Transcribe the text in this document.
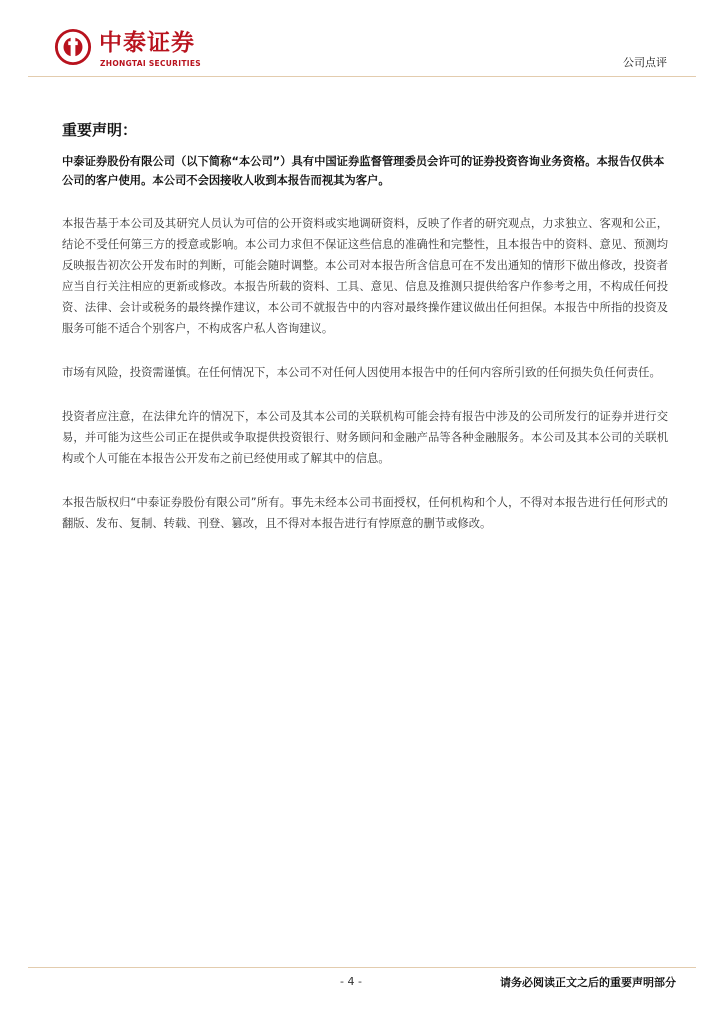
中泰证券
ZHONGTAI SECURITIES	公司点评
重要声明：
中泰证券股份有限公司（以下简称“本公司”）具有中国证券监督管理委员会许可的证券投资咨询业务资格。本报告仅供本公司的客户使用。本公司不会因接收人收到本报告而视其为客户。
本报告基于本公司及其研究人员认为可信的公开资料或实地调研资料，反映了作者的研究观点，力求独立、客观和公正，结论不受任何第三方的授意或影响。本公司力求但不保证这些信息的准确性和完整性，且本报告中的资料、意见、预测均反映报告初次公开发布时的判断，可能会随时调整。本公司对本报告所含信息可在不发出通知的情形下做出修改，投资者应当自行关注相应的更新或修改。本报告所载的资料、工具、意见、信息及推测只提供给客户作参考之用，不构成任何投资、法律、会计或税务的最终操作建议，本公司不就报告中的内容对最终操作建议做出任何担保。本报告中所指的投资及服务可能不适合个别客户，不构成客户私人咨询建议。
市场有风险，投资需谨慎。在任何情况下，本公司不对任何人因使用本报告中的任何内容所引致的任何损失负任何责任。
投资者应注意，在法律允许的情况下，本公司及其本公司的关联机构可能会持有报告中涉及的公司所发行的证券并进行交易，并可能为这些公司正在提供或争取提供投资银行、财务顾问和金融产品等各种金融服务。本公司及其本公司的关联机构或个人可能在本报告公开发布之前已经使用或了解其中的信息。
本报告版权归“中泰证券股份有限公司”所有。事先未经本公司书面授权，任何机构和个人，不得对本报告进行任何形式的翻版、发布、复制、转载、刊登、篡改，且不得对本报告进行有悖原意的删节或修改。
- 4 -	请务必阅读正文之后的重要声明部分
